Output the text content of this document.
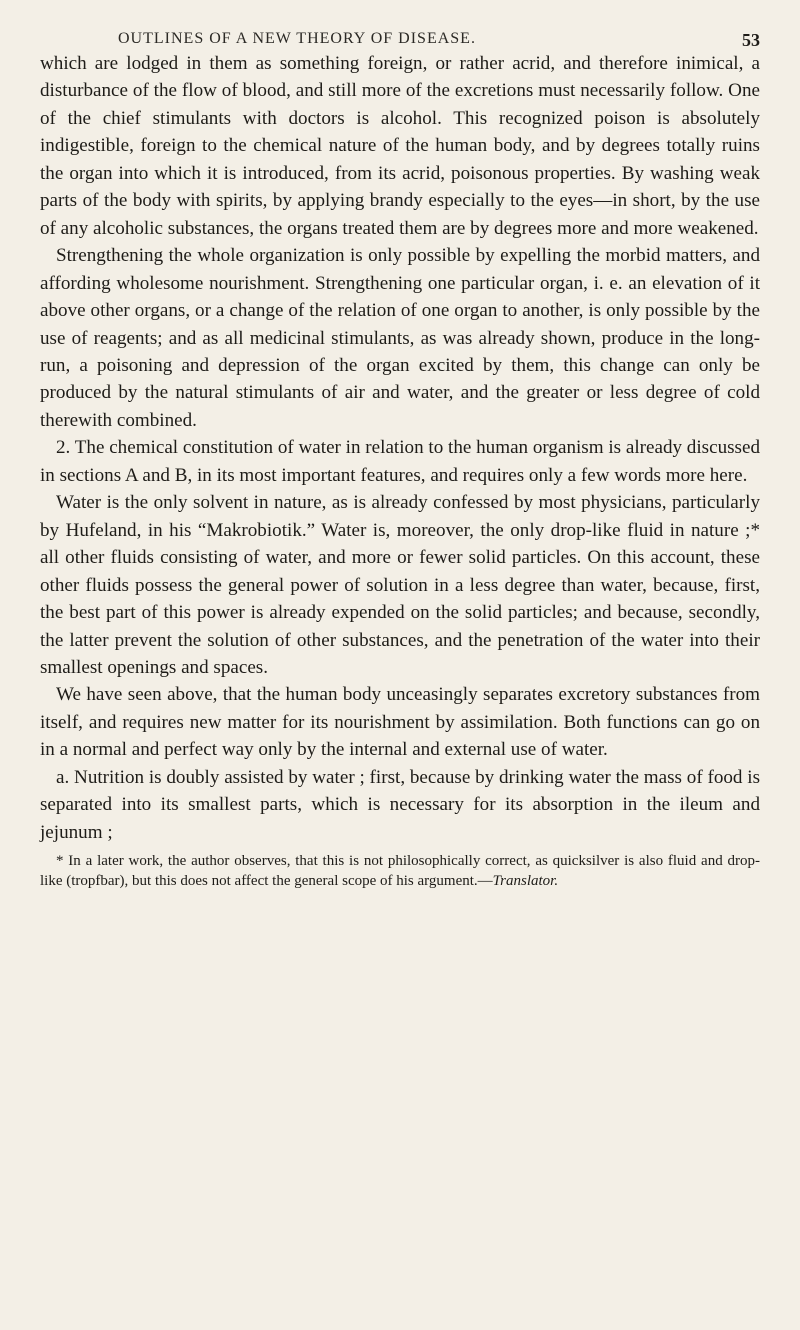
OUTLINES OF A NEW THEORY OF DISEASE.	53

which are lodged in them as something foreign, or rather acrid, and therefore inimical, a disturbance of the flow of blood, and still more of the excretions must necessarily follow. One of the chief stimulants with doctors is alcohol. This recognized poison is absolutely indigestible, foreign to the chemical nature of the human body, and by degrees totally ruins the organ into which it is introduced, from its acrid, poisonous properties. By washing weak parts of the body with spirits, by applying brandy especially to the eyes—in short, by the use of any alcoholic substances, the organs treated them are by degrees more and more weakened.

Strengthening the whole organization is only possible by expelling the morbid matters, and affording wholesome nourishment. Strengthening one particular organ, i. e. an elevation of it above other organs, or a change of the relation of one organ to another, is only possible by the use of reagents; and as all medicinal stimulants, as was already shown, produce in the long-run, a poisoning and depression of the organ excited by them, this change can only be produced by the natural stimulants of air and water, and the greater or less degree of cold therewith combined.

2. The chemical constitution of water in relation to the human organism is already discussed in sections A and B, in its most important features, and requires only a few words more here.

Water is the only solvent in nature, as is already confessed by most physicians, particularly by Hufeland, in his “Makrobiotik.” Water is, moreover, the only drop-like fluid in nature ;* all other fluids consisting of water, and more or fewer solid particles. On this account, these other fluids possess the general power of solution in a less degree than water, because, first, the best part of this power is already expended on the solid particles; and because, secondly, the latter prevent the solution of other substances, and the penetration of the water into their smallest openings and spaces.

We have seen above, that the human body unceasingly separates excretory substances from itself, and requires new matter for its nourishment by assimilation. Both functions can go on in a normal and perfect way only by the internal and external use of water.

a. Nutrition is doubly assisted by water ; first, because by drinking water the mass of food is separated into its smallest parts, which is necessary for its absorption in the ileum and jejunum ;

* In a later work, the author observes, that this is not philosophically correct, as quicksilver is also fluid and drop-like (tropfbar), but this does not affect the general scope of his argument.—Translator.
